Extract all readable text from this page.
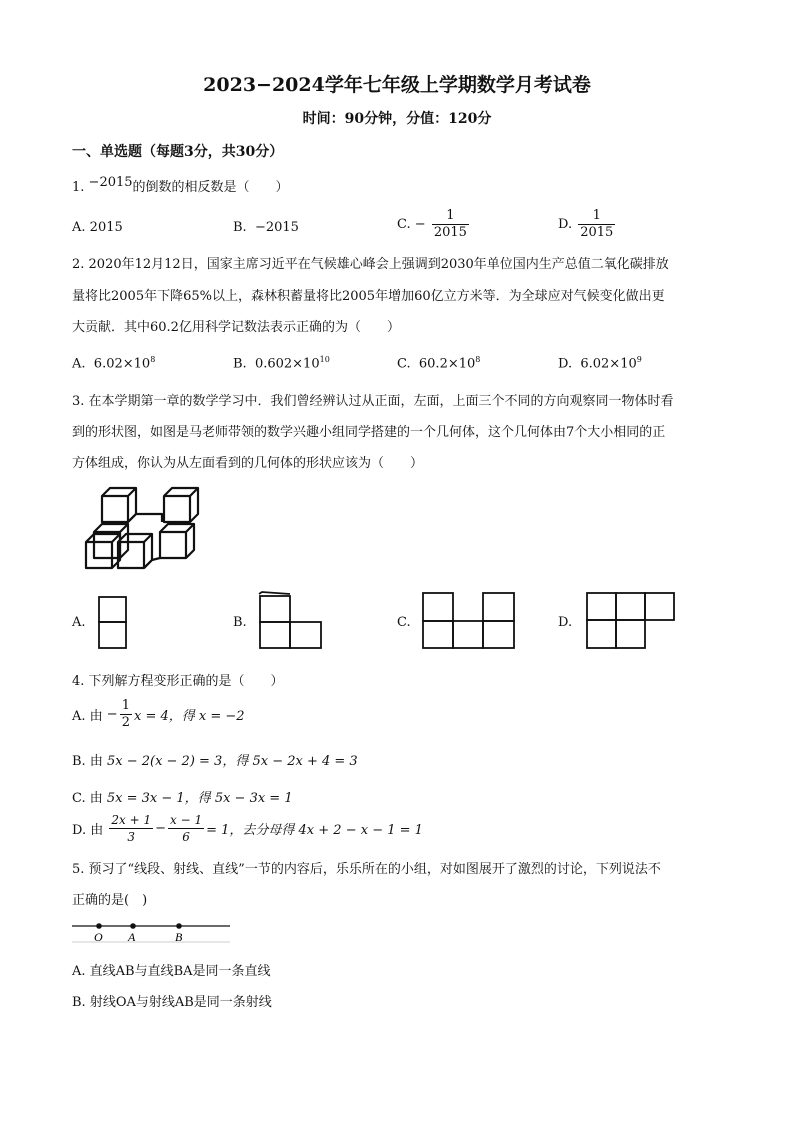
2023−2024学年七年级上学期数学月考试卷
时间：90分钟，分值：120分
一、单选题（每题3分，共30分）
1. −2015的倒数的相反数是（　　）
A. 2015	B. −2015	C. − $\frac{1}{2015}$	D. $\frac{1}{2015}$
2. 2020年12月12日，国家主席习近平在气候雄心峰会上强调到2030年单位国内生产总值二氧化碳排放
量将比2005年下降65%以上，森林积蓄量将比2005年增加60亿立方米等．为全球应对气候变化做出更
大贡献．其中60.2亿用科学记数法表示正确的为（　　）
A. $6.02\times 10^8$	B. $0.602\times 10^{10}$	C. $60.2\times 10^8$	D. $6.02\times 10^9$
3. 在本学期第一章的数学学习中．我们曾经辨认过从正面，左面，上面三个不同的方向观察同一物体时看
到的形状图，如图是马老师带领的数学兴趣小组同学搭建的一个几何体，这个几何体由7个大小相同的正
方体组成，你认为从左面看到的几何体的形状应该为（　　）
A.	B.	C.	D.
4. 下列解方程变形正确的是（　　）
A. 由 − $\frac{1}{2}$ x = 4，得 x = −2
B. 由 5x − 2(x − 2) = 3，得 5x − 2x + 4 = 3
C. 由 5x = 3x − 1，得 5x − 3x = 1
D. 由 $\frac{2x + 1}{3} - \frac{x - 1}{6} = 1$，去分母得 4x + 2 − x − 1 = 1
5. 预习了“线段、射线、直线”一节的内容后，乐乐所在的小组，对如图展开了激烈的讨论，下列说法不
正确的是(　)
O A	B
A. 直线AB与直线BA是同一条直线
B. 射线OA与射线AB是同一条射线
